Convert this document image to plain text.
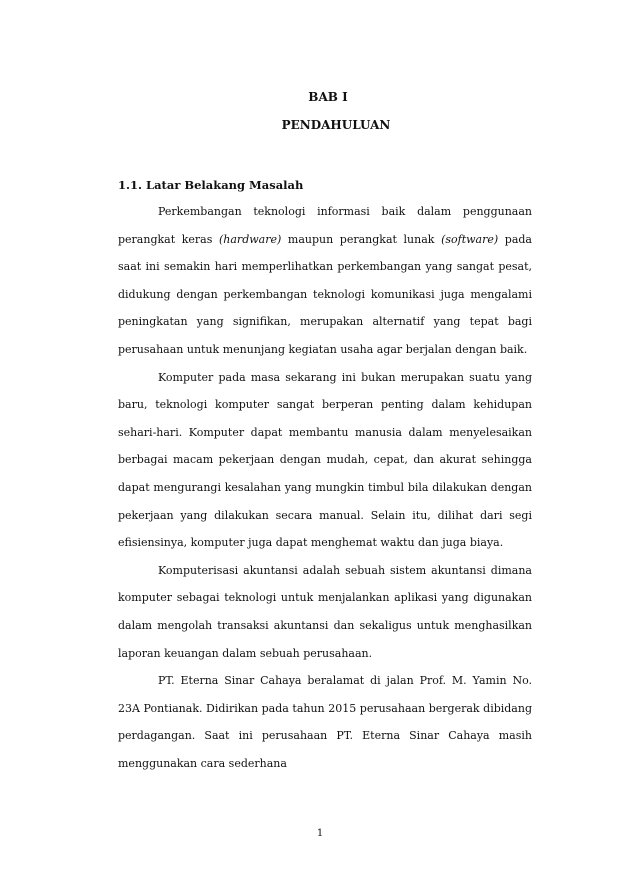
BAB I
PENDAHULUAN
1.1. Latar Belakang Masalah

Perkembangan teknologi informasi baik dalam penggunaan perangkat keras (hardware) maupun perangkat lunak (software) pada saat ini semakin hari memperlihatkan perkembangan yang sangat pesat, didukung dengan perkembangan teknologi komunikasi juga mengalami peningkatan yang signifikan, merupakan alternatif yang tepat bagi perusahaan untuk menunjang kegiatan usaha agar berjalan dengan baik.

Komputer pada masa sekarang ini bukan merupakan suatu yang baru, teknologi komputer sangat berperan penting dalam kehidupan sehari-hari. Komputer dapat membantu manusia dalam menyelesaikan berbagai macam pekerjaan dengan mudah, cepat, dan akurat sehingga dapat mengurangi kesalahan yang mungkin timbul bila dilakukan dengan pekerjaan yang dilakukan secara manual. Selain itu, dilihat dari segi efisiensinya, komputer juga dapat menghemat waktu dan juga biaya.

Komputerisasi akuntansi adalah sebuah sistem akuntansi dimana komputer sebagai teknologi untuk menjalankan aplikasi yang digunakan dalam mengolah transaksi akuntansi dan sekaligus untuk menghasilkan laporan keuangan dalam sebuah perusahaan.

PT. Eterna Sinar Cahaya beralamat di jalan Prof. M. Yamin No. 23A Pontianak. Didirikan pada tahun 2015 perusahaan bergerak dibidang perdagangan. Saat ini perusahaan PT. Eterna Sinar Cahaya masih menggunakan cara sederhana

1
